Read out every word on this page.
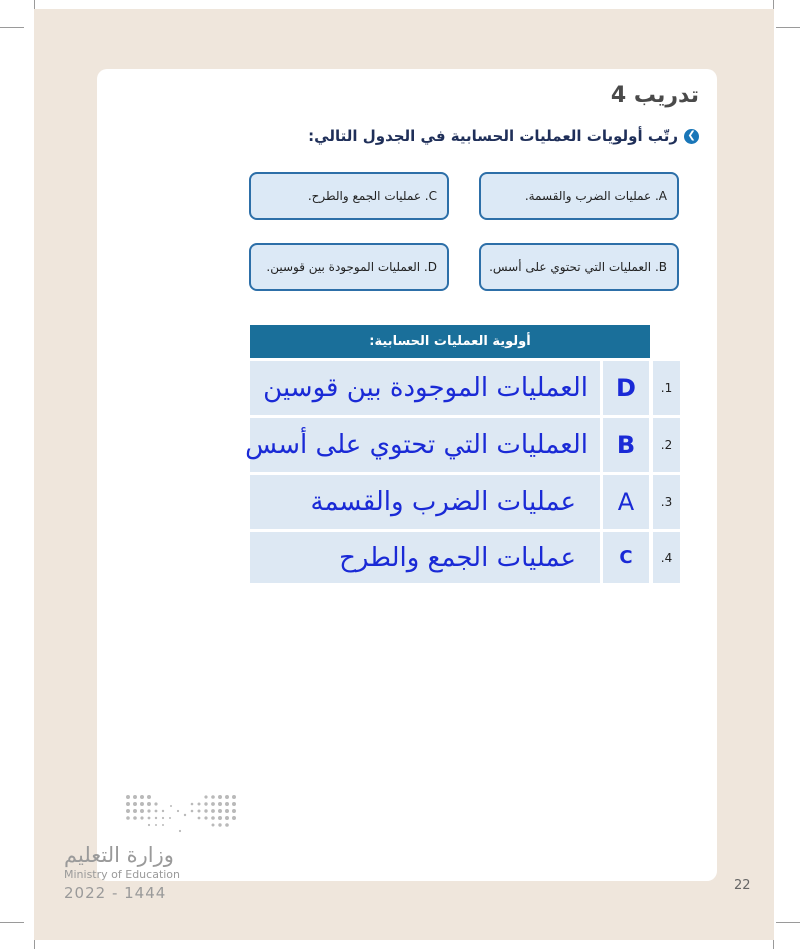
تدريب 4
❯
رتّب أولويات العمليات الحسابية في الجدول التالي:
A. عمليات الضرب والقسمة.
C. عمليات الجمع والطرح.
B. العمليات التي تحتوي على أسس.
D. العمليات الموجودة بين قوسين.
أولوية العمليات الحسابية:
1.
D
العمليات الموجودة بين قوسين
2.
B
العمليات التي تحتوي على أسس
3.
A
عمليات الضرب والقسمة
4.
C
عمليات الجمع والطرح
22
وزارة التعليم
Ministry of Education
2022 - 1444
